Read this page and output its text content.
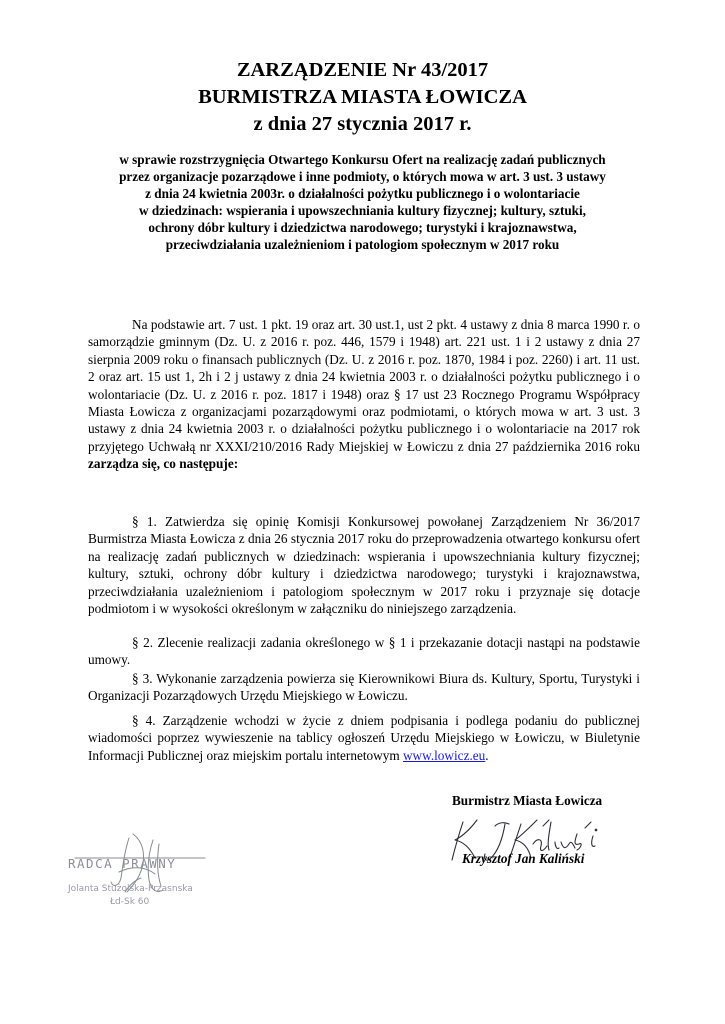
ZARZĄDZENIE Nr 43/2017
BURMISTRZA MIASTA ŁOWICZA
z dnia 27 stycznia 2017 r.
w sprawie rozstrzygnięcia Otwartego Konkursu Ofert na realizację zadań publicznych
przez organizacje pozarządowe i inne podmioty, o których mowa w art. 3 ust. 3 ustawy
z dnia 24 kwietnia 2003r. o działalności pożytku publicznego i o wolontariacie
w dziedzinach: wspierania i upowszechniania kultury fizycznej; kultury, sztuki,
ochrony dóbr kultury i dziedzictwa narodowego; turystyki i krajoznawstwa,
przeciwdziałania uzależnieniom i patologiom społecznym w 2017 roku
Na podstawie art. 7 ust. 1 pkt. 19 oraz art. 30 ust.1, ust 2 pkt. 4 ustawy z dnia 8 marca 1990 r. o samorządzie gminnym (Dz. U. z 2016 r. poz. 446, 1579 i 1948) art. 221 ust. 1 i 2 ustawy z dnia 27 sierpnia 2009 roku o finansach publicznych (Dz. U. z 2016 r. poz. 1870, 1984 i poz. 2260) i art. 11 ust. 2 oraz art. 15 ust 1, 2h i 2 j ustawy z dnia 24 kwietnia 2003 r. o działalności pożytku publicznego i o wolontariacie (Dz. U. z 2016 r. poz. 1817 i 1948) oraz § 17 ust 23 Rocznego Programu Współpracy Miasta Łowicza z organizacjami pozarządowymi oraz podmiotami, o których mowa w art. 3 ust. 3 ustawy z dnia 24 kwietnia 2003 r. o działalności pożytku publicznego i o wolontariacie na 2017 rok przyjętego Uchwałą nr XXXI/210/2016 Rady Miejskiej w Łowiczu z dnia 27 października 2016 roku zarządza się, co następuje:
§ 1. Zatwierdza się opinię Komisji Konkursowej powołanej Zarządzeniem Nr 36/2017 Burmistrza Miasta Łowicza z dnia 26 stycznia 2017 roku do przeprowadzenia otwartego konkursu ofert na realizację zadań publicznych w dziedzinach: wspierania i upowszechniania kultury fizycznej; kultury, sztuki, ochrony dóbr kultury i dziedzictwa narodowego; turystyki i krajoznawstwa, przeciwdziałania uzależnieniom i patologiom społecznym w 2017 roku i przyznaje się dotacje podmiotom i w wysokości określonym w załączniku do niniejszego zarządzenia.
§ 2. Zlecenie realizacji zadania określonego w § 1 i przekazanie dotacji nastąpi na podstawie umowy.
§ 3. Wykonanie zarządzenia powierza się Kierownikowi Biura ds. Kultury, Sportu, Turystyki i Organizacji Pozarządowych Urzędu Miejskiego w Łowiczu.
§ 4. Zarządzenie wchodzi w życie z dniem podpisania i podlega podaniu do publicznej wiadomości poprzez wywieszenie na tablicy ogłoszeń Urzędu Miejskiego w Łowiczu, w Biuletynie Informacji Publicznej oraz miejskim portalu internetowym www.lowicz.eu.
Burmistrz Miasta Łowicza
Krzysztof Jan Kaliński
RADCA PRAWNY
Jolanta Stużolska-Przasnska
Łd-Sk 60
